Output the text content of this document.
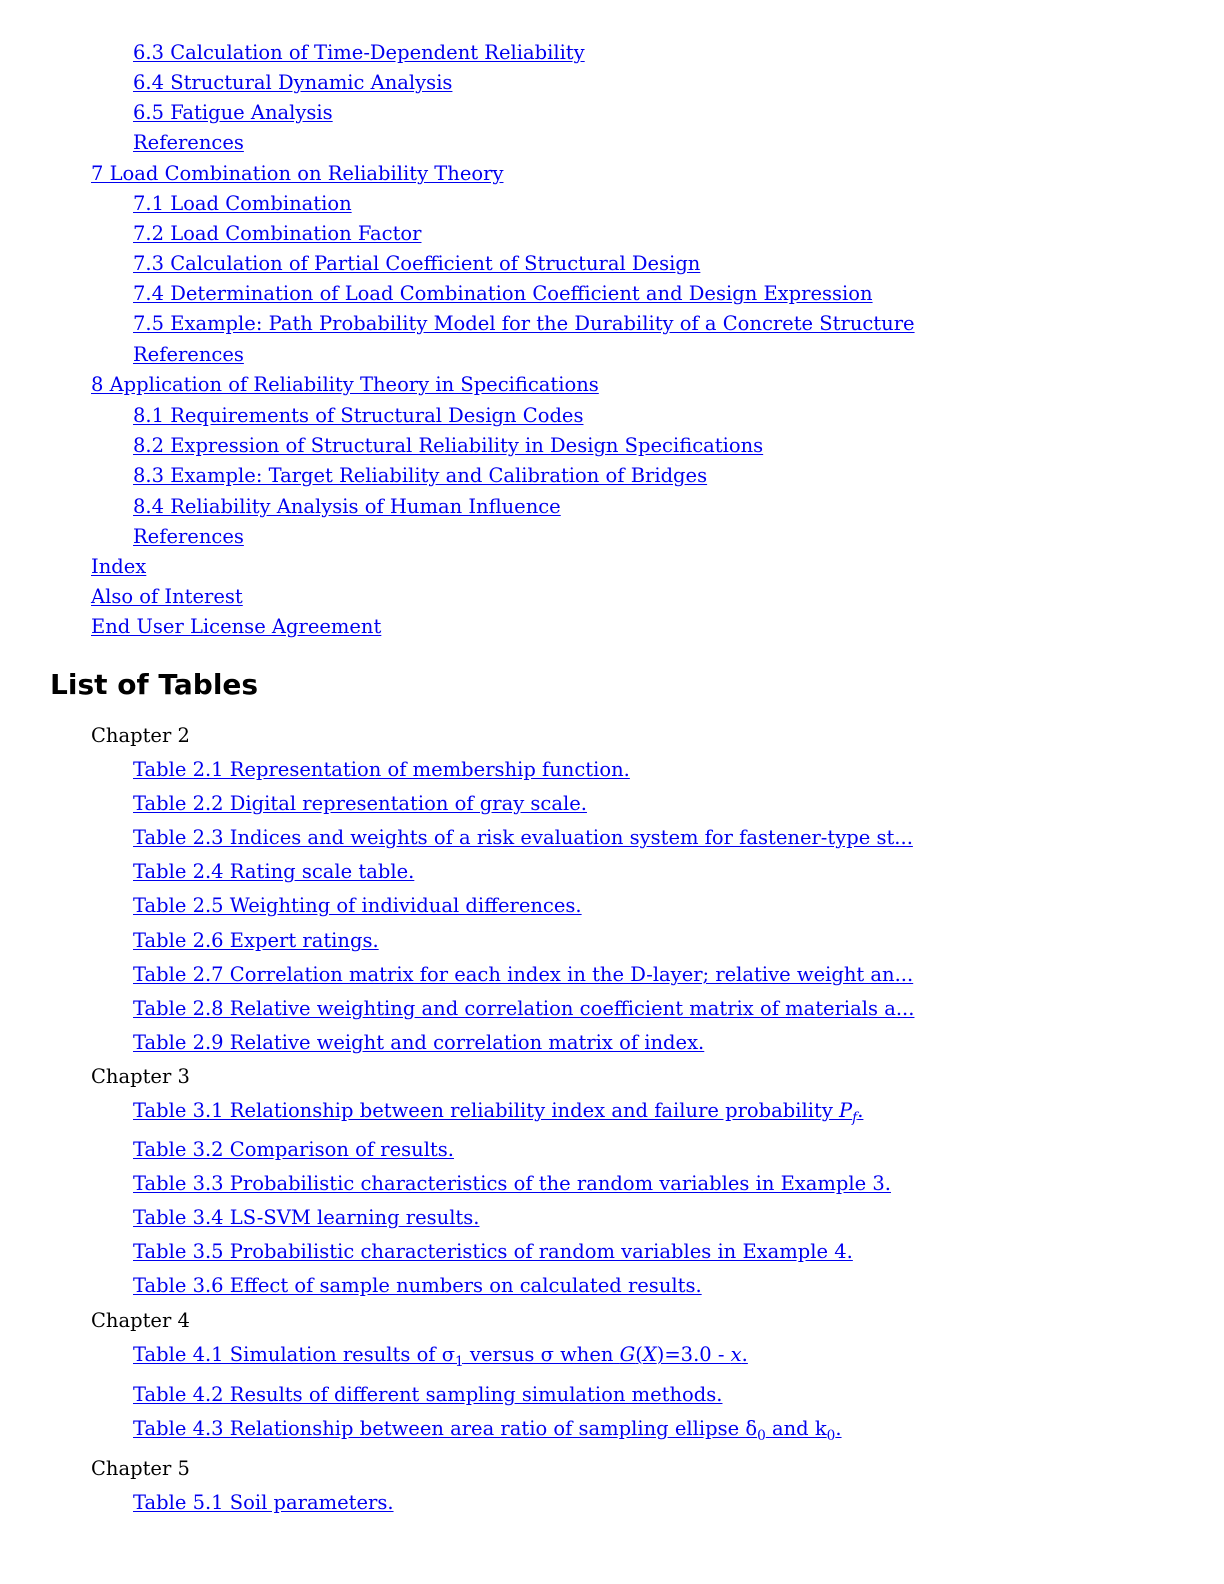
6.3 Calculation of Time-Dependent Reliability
6.4 Structural Dynamic Analysis
6.5 Fatigue Analysis
References
7 Load Combination on Reliability Theory
7.1 Load Combination
7.2 Load Combination Factor
7.3 Calculation of Partial Coefficient of Structural Design
7.4 Determination of Load Combination Coefficient and Design Expression
7.5 Example: Path Probability Model for the Durability of a Concrete Structure
References
8 Application of Reliability Theory in Specifications
8.1 Requirements of Structural Design Codes
8.2 Expression of Structural Reliability in Design Specifications
8.3 Example: Target Reliability and Calibration of Bridges
8.4 Reliability Analysis of Human Influence
References
Index
Also of Interest
End User License Agreement
List of Tables
Chapter 2
Table 2.1 Representation of membership function.
Table 2.2 Digital representation of gray scale.
Table 2.3 Indices and weights of a risk evaluation system for fastener-type st...
Table 2.4 Rating scale table.
Table 2.5 Weighting of individual differences.
Table 2.6 Expert ratings.
Table 2.7 Correlation matrix for each index in the D-layer; relative weight an...
Table 2.8 Relative weighting and correlation coefficient matrix of materials a...
Table 2.9 Relative weight and correlation matrix of index.
Chapter 3
Table 3.1 Relationship between reliability index and failure probability $P_f$.
Table 3.2 Comparison of results.
Table 3.3 Probabilistic characteristics of the random variables in Example 3.
Table 3.4 LS-SVM learning results.
Table 3.5 Probabilistic characteristics of random variables in Example 4.
Table 3.6 Effect of sample numbers on calculated results.
Chapter 4
Table 4.1 Simulation results of $\sigma_1$ versus σ when G(X)=3.0 - x.
Table 4.2 Results of different sampling simulation methods.
Table 4.3 Relationship between area ratio of sampling ellipse $\delta_0$ and $k_0$.
Chapter 5
Table 5.1 Soil parameters.
